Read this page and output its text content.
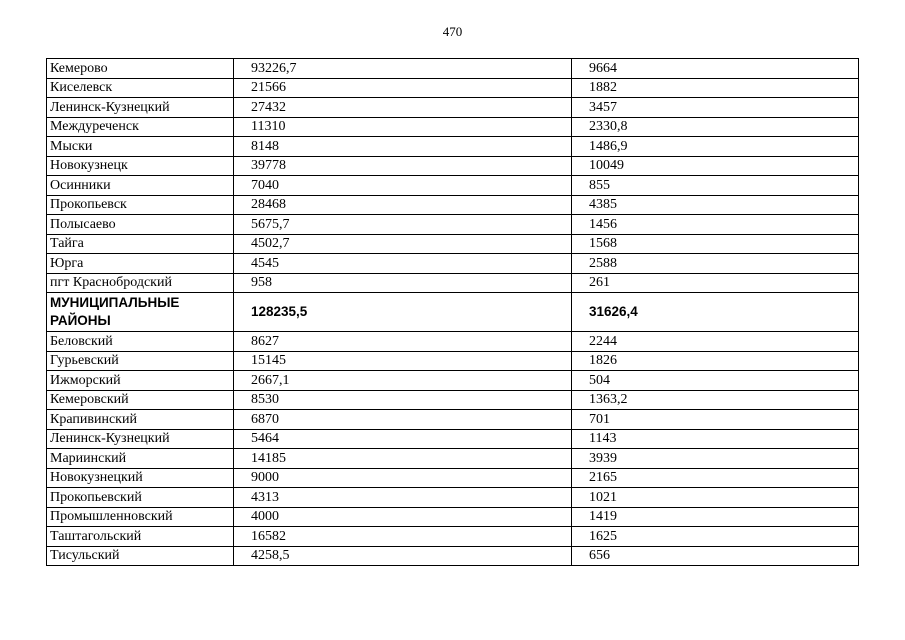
470
Кемерово	93226,7	9664
Киселевск	21566	1882
Ленинск-Кузнецкий	27432	3457
Междуреченск	11310	2330,8
Мыски	8148	1486,9
Новокузнецк	39778	10049
Осинники	7040	855
Прокопьевск	28468	4385
Полысаево	5675,7	1456
Тайга	4502,7	1568
Юрга	4545	2588
пгт Краснобродский	958	261
МУНИЦИПАЛЬНЫЕ РАЙОНЫ	128235,5	31626,4
Беловский	8627	2244
Гурьевский	15145	1826
Ижморский	2667,1	504
Кемеровский	8530	1363,2
Крапивинский	6870	701
Ленинск-Кузнецкий	5464	1143
Мариинский	14185	3939
Новокузнецкий	9000	2165
Прокопьевский	4313	1021
Промышленновский	4000	1419
Таштагольский	16582	1625
Тисульский	4258,5	656
